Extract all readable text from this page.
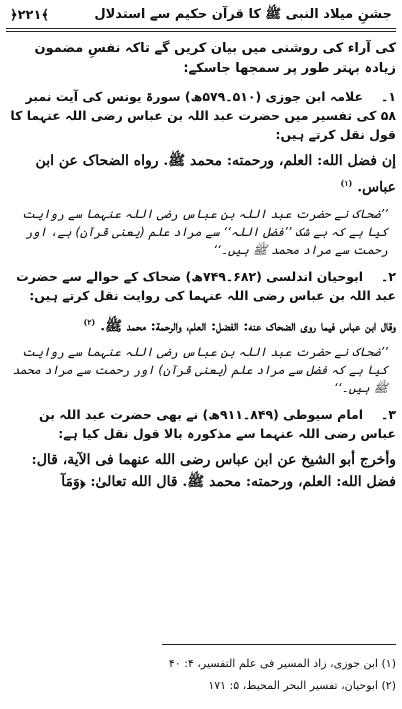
جشنِ میلاد النبی ﷺ کا قرآن حکیم سے استدلال
﴿۲۲۱﴾

کی آراء کی روشنی میں بیان کریں گے تاکہ نفسِ مضمون زیادہ بہتر طور پر سمجھا جاسکے:

۱۔ علامہ ابن جوزی (۵۱۰۔۵۷۹ھ) سورۃ یونس کی آیت نمبر ۵۸ کی تفسیر میں حضرت عبد اللہ بن عباس رضی اللہ عنہما کا قول نقل کرتے ہیں:

إن فضل الله: العلم، ورحمته: محمد ﷺ. رواه الضحاک عن ابن عباس. $^{(۱)}$

’’ضحاک نے حضرت عبد اللہ بن عباس رضی اللہ عنہما سے روایت کیا ہے کہ بے شک ’’فضل اللہ‘‘ سے مراد علم (یعنی قرآن) ہے، اور رحمت سے مراد محمد ﷺ ہیں۔‘‘

۲۔ ابوحیان اندلسی (۶۸۲۔۷۴۹ھ) ضحاک کے حوالے سے حضرت عبد اللہ بن عباس رضی اللہ عنہما کی روایت نقل کرتے ہیں:

وقال ابن عباس فیما روی الضحاک عنه: الفضل: العلم، والرحمة: محمد ﷺ. $^{(۲)}$

’’ضحاک نے حضرت عبد اللہ بن عباس رضی اللہ عنہما سے روایت کیا ہے کہ فضل سے مراد علم (یعنی قرآن) اور رحمت سے مراد محمد ﷺ ہیں۔‘‘

۳۔ امام سیوطی (۸۴۹۔۹۱۱ھ) نے بھی حضرت عبد اللہ بن عباس رضی اللہ عنہما سے مذکورہ بالا قول نقل کیا ہے:

وأخرج أبو الشیخ عن ابن عباس رضی الله عنهما فی الآیة، قال: فضل الله: العلم، ورحمته: محمد ﷺ. قال الله تعالیٰ: ﴿وَمَآ

(۱) ابن جوزی، زاد المسیر فی علم التفسیر، ۴: ۴۰

(۲) ابوحیان، تفسیر البحر المحیط، ۵: ۱۷۱
